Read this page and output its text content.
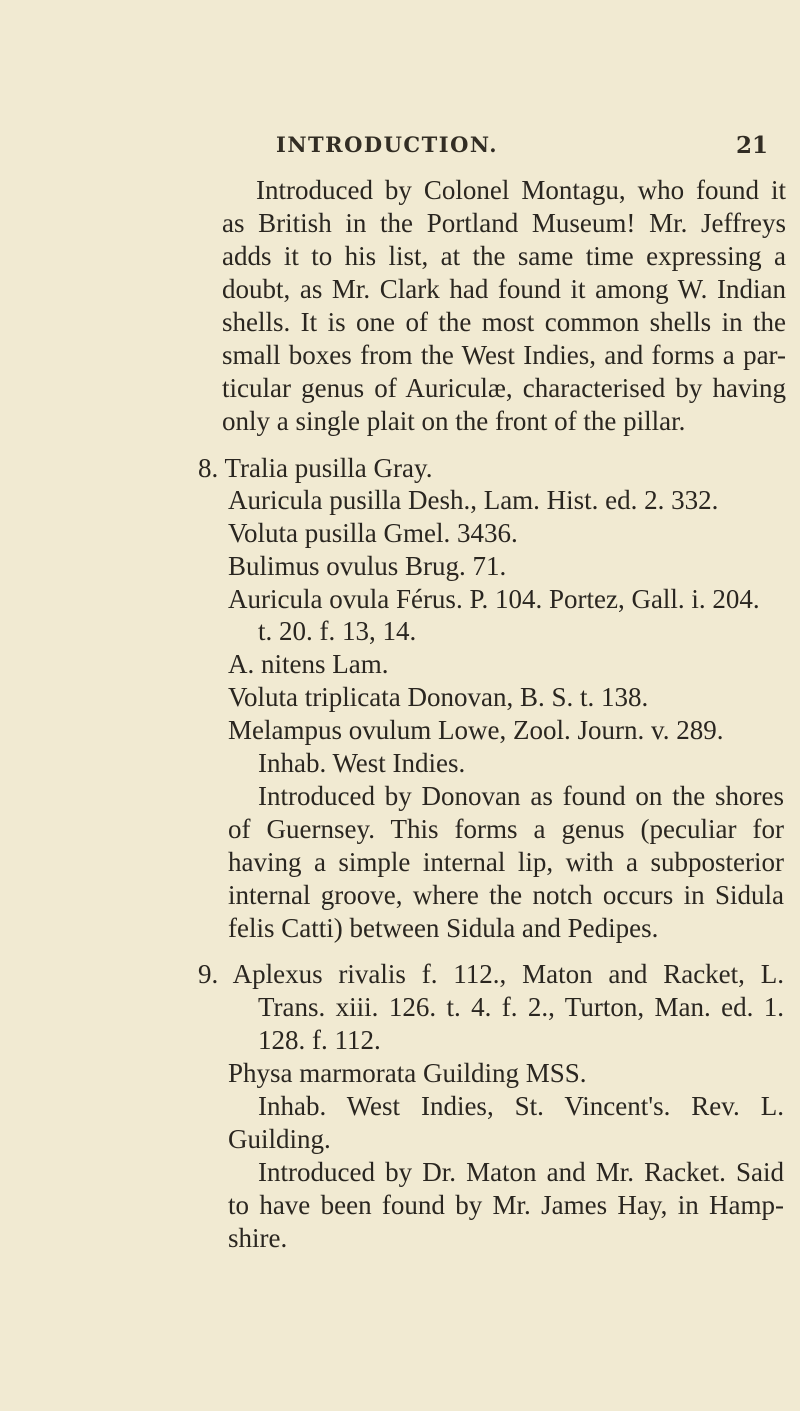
INTRODUCTION.	21
Introduced by Colonel Montagu, who found it
as British in the Portland Museum! Mr. Jeffreys
adds it to his list, at the same time expressing a
doubt, as Mr. Clark had found it among W. Indian
shells. It is one of the most common shells in the
small boxes from the West Indies, and forms a par-
ticular genus of Auriculæ, characterised by having
only a single plait on the front of the pillar.
8. Tralia pusilla Gray.
Auricula pusilla Desh., Lam. Hist. ed. 2. 332.
Voluta pusilla Gmel. 3436.
Bulimus ovulus Brug. 71.
Auricula ovula Férus. P. 104. Portez, Gall. i. 204.
t. 20. f. 13, 14.
A. nitens Lam.
Voluta triplicata Donovan, B. S. t. 138.
Melampus ovulum Lowe, Zool. Journ. v. 289.
Inhab. West Indies.
Introduced by Donovan as found on the shores
of Guernsey. This forms a genus (peculiar for
having a simple internal lip, with a subposterior
internal groove, where the notch occurs in Sidula
felis Catti) between Sidula and Pedipes.
9. Aplexus rivalis f. 112., Maton and Racket, L.
Trans. xiii. 126. t. 4. f. 2., Turton, Man. ed. 1.
128. f. 112.
Physa marmorata Guilding MSS.
Inhab. West Indies, St. Vincent's. Rev. L.
Guilding.
Introduced by Dr. Maton and Mr. Racket. Said
to have been found by Mr. James Hay, in Hamp-
shire.
